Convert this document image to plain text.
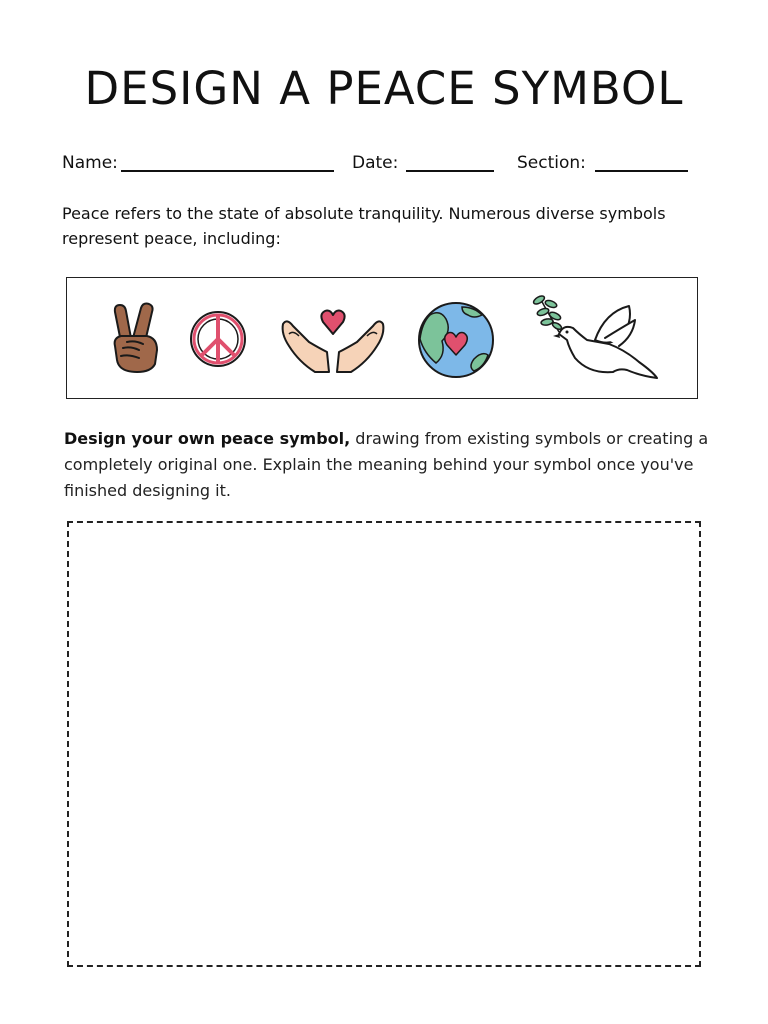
DESIGN A PEACE SYMBOL
Name:	Date:	Section:

Peace refers to the state of absolute tranquility. Numerous diverse symbols represent peace, including:

Design your own peace symbol, drawing from existing symbols or creating a completely original one. Explain the meaning behind your symbol once you've finished designing it.
